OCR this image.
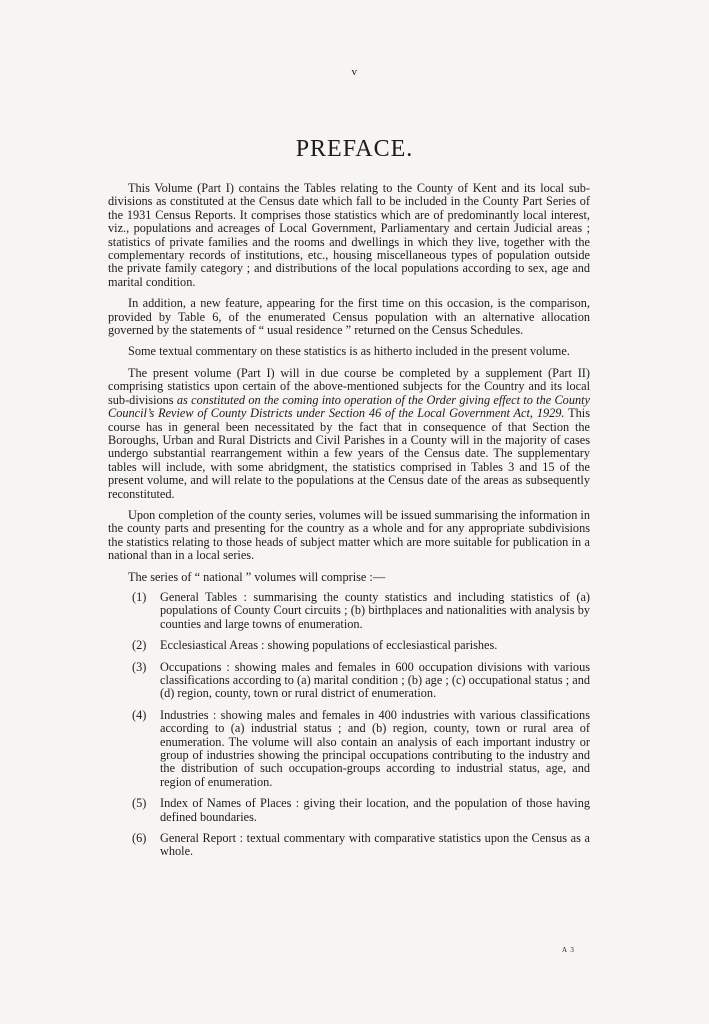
v
PREFACE.

This Volume (Part I) contains the Tables relating to the County of Kent and its local sub-divisions as constituted at the Census date which fall to be included in the County Part Series of the 1931 Census Reports. It comprises those statistics which are of predominantly local interest, viz., populations and acreages of Local Government, Parliamentary and certain Judicial areas ; statistics of private families and the rooms and dwellings in which they live, together with the complementary records of institutions, etc., housing miscellaneous types of population outside the private family category ; and distributions of the local populations according to sex, age and marital condition.

In addition, a new feature, appearing for the first time on this occasion, is the comparison, provided by Table 6, of the enumerated Census population with an alternative allocation governed by the statements of “ usual residence ” returned on the Census Schedules.

Some textual commentary on these statistics is as hitherto included in the present volume.

The present volume (Part I) will in due course be completed by a supplement (Part II) comprising statistics upon certain of the above-mentioned subjects for the Country and its local sub-divisions as constituted on the coming into operation of the Order giving effect to the County Council’s Review of County Districts under Section 46 of the Local Government Act, 1929. This course has in general been necessitated by the fact that in consequence of that Section the Boroughs, Urban and Rural Districts and Civil Parishes in a County will in the majority of cases undergo substantial rearrangement within a few years of the Census date. The supplementary tables will include, with some abridgment, the statistics comprised in Tables 3 and 15 of the present volume, and will relate to the populations at the Census date of the areas as subsequently reconstituted.

Upon completion of the county series, volumes will be issued summarising the information in the county parts and presenting for the country as a whole and for any appropriate subdivisions the statistics relating to those heads of subject matter which are more suitable for publication in a national than in a local series.

The series of “ national ” volumes will comprise :—

(1) General Tables : summarising the county statistics and including statistics of (a) populations of County Court circuits ; (b) birthplaces and nationalities with analysis by counties and large towns of enumeration.
(2) Ecclesiastical Areas : showing populations of ecclesiastical parishes.
(3) Occupations : showing males and females in 600 occupation divisions with various classifications according to (a) marital condition ; (b) age ; (c) occupational status ; and (d) region, county, town or rural district of enumeration.
(4) Industries : showing males and females in 400 industries with various classifications according to (a) industrial status ; and (b) region, county, town or rural area of enumeration. The volume will also contain an analysis of each important industry or group of industries showing the principal occupations contributing to the industry and the distribution of such occupation-groups according to industrial status, age, and region of enumeration.
(5) Index of Names of Places : giving their location, and the population of those having defined boundaries.
(6) General Report : textual commentary with comparative statistics upon the Census as a whole.
A 3
